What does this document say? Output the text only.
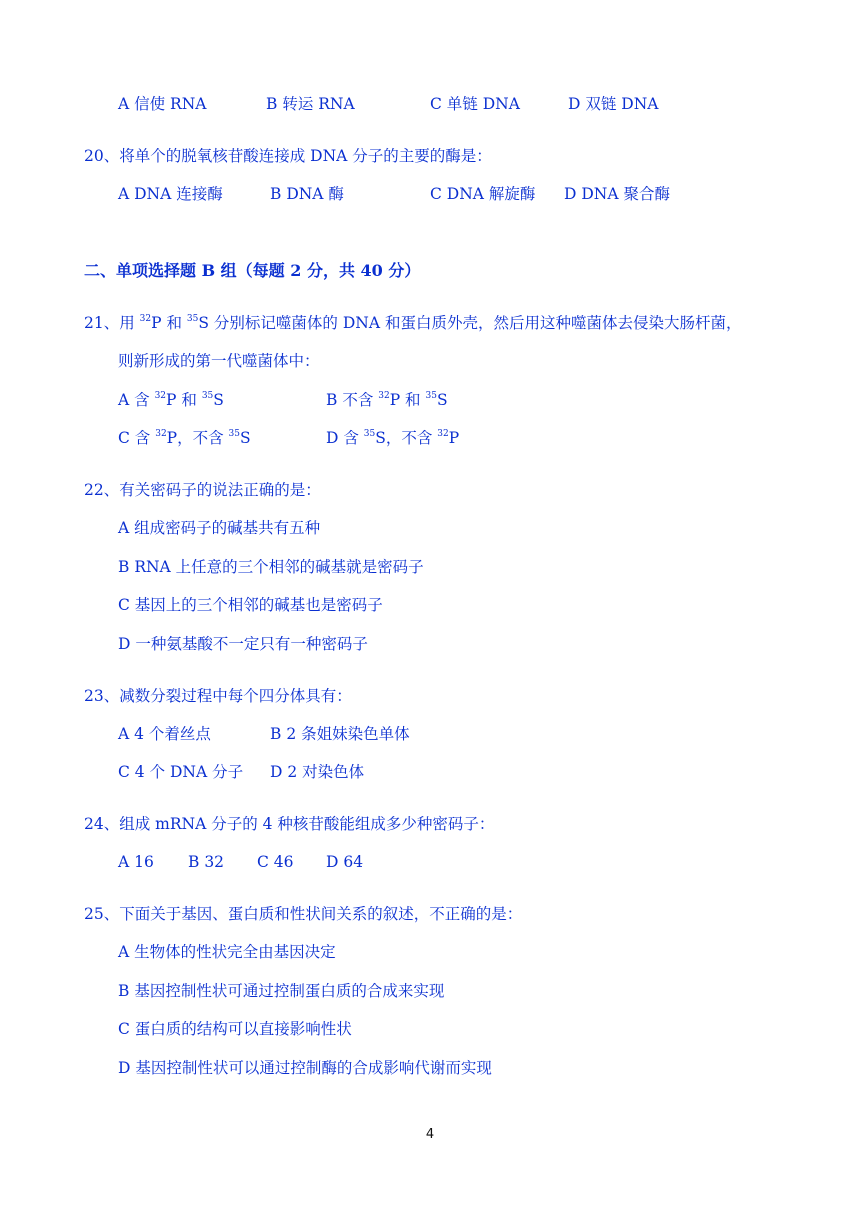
A 信使 RNA	B 转运 RNA	C 单链 DNA	D 双链 DNA
20、将单个的脱氧核苷酸连接成 DNA 分子的主要的酶是：
A DNA 连接酶	B DNA 酶	C DNA 解旋酶 D DNA 聚合酶
二、单项选择题 B 组（每题 2 分，共 40 分）
21、用 $^{32}$P 和 $^{35}$S 分别标记噬菌体的 DNA 和蛋白质外壳，然后用这种噬菌体去侵染大肠杆菌，
则新形成的第一代噬菌体中：
A 含 $^{32}$P 和 $^{35}$S	B 不含 $^{32}$P 和 $^{35}$S
C 含 $^{32}$P，不含 $^{35}$S	D 含 $^{35}$S，不含 $^{32}$P
22、有关密码子的说法正确的是：
A 组成密码子的碱基共有五种
B RNA 上任意的三个相邻的碱基就是密码子
C 基因上的三个相邻的碱基也是密码子
D 一种氨基酸不一定只有一种密码子
23、减数分裂过程中每个四分体具有：
A 4 个着丝点	B 2 条姐妹染色单体
C 4 个 DNA 分子 D 2 对染色体
24、组成 mRNA 分子的 4 种核苷酸能组成多少种密码子：
A 16 B 32 C 46 D 64
25、下面关于基因、蛋白质和性状间关系的叙述，不正确的是：
A 生物体的性状完全由基因决定
B 基因控制性状可通过控制蛋白质的合成来实现
C 蛋白质的结构可以直接影响性状
D 基因控制性状可以通过控制酶的合成影响代谢而实现
4
